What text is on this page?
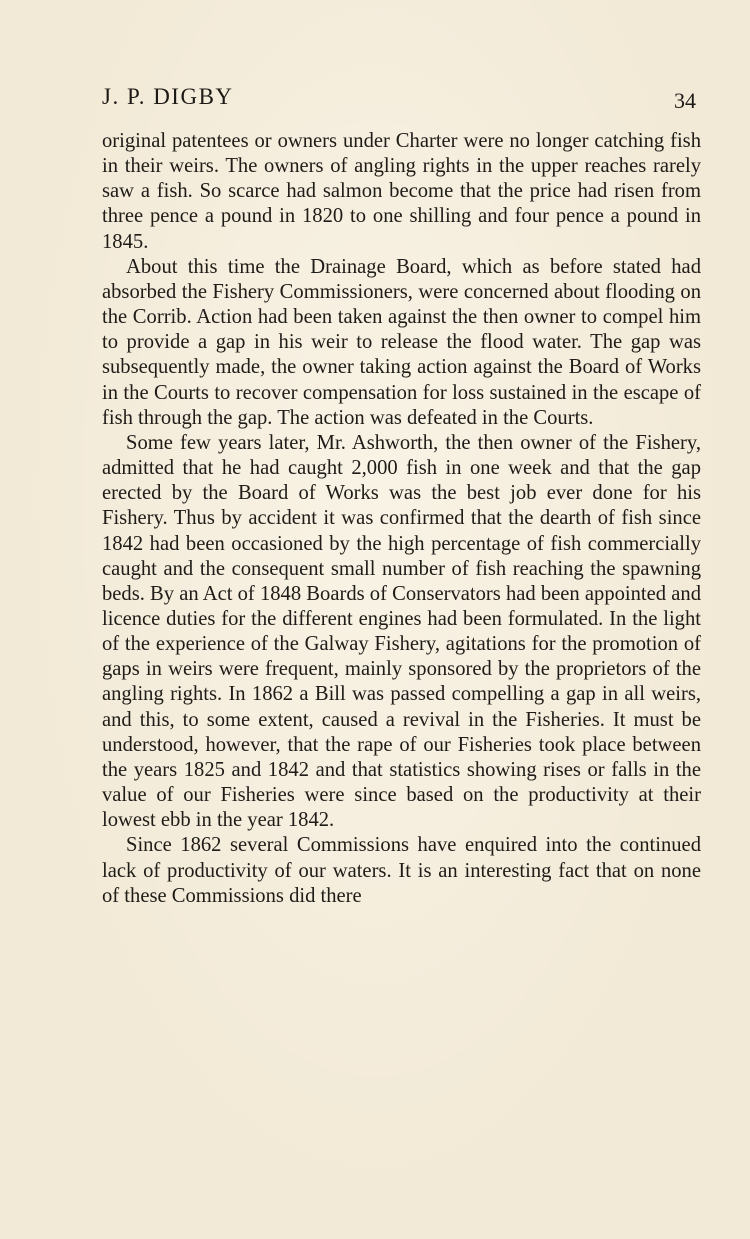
J. P. DIGBY	34

original patentees or owners under Charter were no longer catching fish in their weirs. The owners of angling rights in the upper reaches rarely saw a fish. So scarce had salmon become that the price had risen from three pence a pound in 1820 to one shilling and four pence a pound in 1845.

About this time the Drainage Board, which as before stated had absorbed the Fishery Commissioners, were concerned about flooding on the Corrib. Action had been taken against the then owner to compel him to provide a gap in his weir to release the flood water. The gap was subsequently made, the owner taking action against the Board of Works in the Courts to recover compensation for loss sustained in the escape of fish through the gap. The action was defeated in the Courts.

Some few years later, Mr. Ashworth, the then owner of the Fishery, admitted that he had caught 2,000 fish in one week and that the gap erected by the Board of Works was the best job ever done for his Fishery. Thus by accident it was confirmed that the dearth of fish since 1842 had been occasioned by the high percentage of fish commercially caught and the consequent small number of fish reaching the spawning beds. By an Act of 1848 Boards of Conservators had been appointed and licence duties for the different engines had been formulated. In the light of the experience of the Galway Fishery, agitations for the promotion of gaps in weirs were frequent, mainly sponsored by the proprietors of the angling rights. In 1862 a Bill was passed compelling a gap in all weirs, and this, to some extent, caused a revival in the Fisheries. It must be understood, however, that the rape of our Fisheries took place between the years 1825 and 1842 and that statistics showing rises or falls in the value of our Fisheries were since based on the productivity at their lowest ebb in the year 1842.

Since 1862 several Commissions have enquired into the continued lack of productivity of our waters. It is an interesting fact that on none of these Commissions did there
